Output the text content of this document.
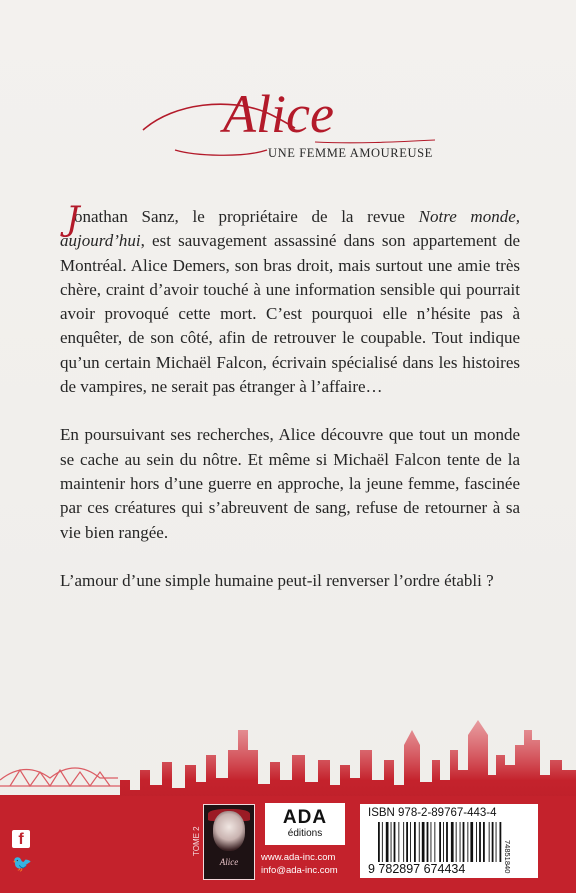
Alice
UNE FEMME AMOUREUSE

J
onathan Sanz, le propriétaire de la revue Notre monde, aujourd’hui, est sauvagement assassiné dans son appartement de Montréal. Alice Demers, son bras droit, mais surtout une amie très chère, craint d’avoir touché à une information sensible qui pourrait avoir provoqué cette mort. C’est pourquoi elle n’hésite pas à enquêter, de son côté, afin de retrouver le coupable. Tout indique qu’un certain Michaël Falcon, écrivain spécialisé dans les histoires de vampires, ne serait pas étranger à l’affaire…

En poursuivant ses recherches, Alice découvre que tout un monde se cache au sein du nôtre. Et même si Michaël Falcon tente de la maintenir hors d’une guerre en approche, la jeune femme, fascinée par ces créatures qui s’abreuvent de sang, refuse de retourner à sa vie bien rangée.

L’amour d’une simple humaine peut-il renverser l’ordre établi ?

f
🐦
TOME 2
Alice
ADA
éditions
www.ada-inc.com
info@ada-inc.com
ISBN 978-2-89767-443-4
9 782897 674434	74851840
